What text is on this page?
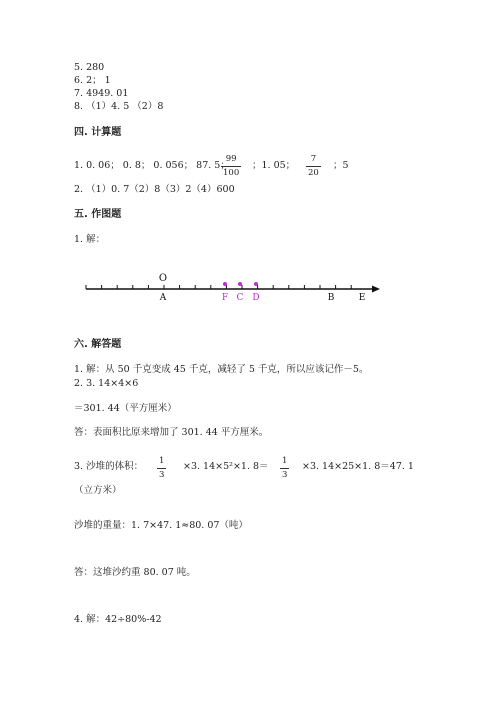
5. 280
6. 2； 1
7. 4949. 01
8. （1）4. 5 （2）8
四. 计算题
1. 0. 06； 0. 8； 0. 056； 87. 5；
99
100
；1. 05；
7
20
；5
2. （1）0. 7（2）8（3）2（4）600
五. 作图题
1. 解：
O
A	F C D	B	E
六. 解答题
1. 解：从 50 千克变成 45 千克，减轻了 5 千克，所以应该记作－5。
2. 3. 14×4×6
＝301. 44（平方厘米）
答：表面积比原来增加了 301. 44 平方厘米。
3. 沙堆的体积： 1
3
×3. 14×5²×1. 8＝ 1
3
×3. 14×25×1. 8＝47. 1
（立方米）
沙堆的重量：1. 7×47. 1≈80. 07（吨）
答：这堆沙约重 80. 07 吨。
4. 解：42÷80%-42
